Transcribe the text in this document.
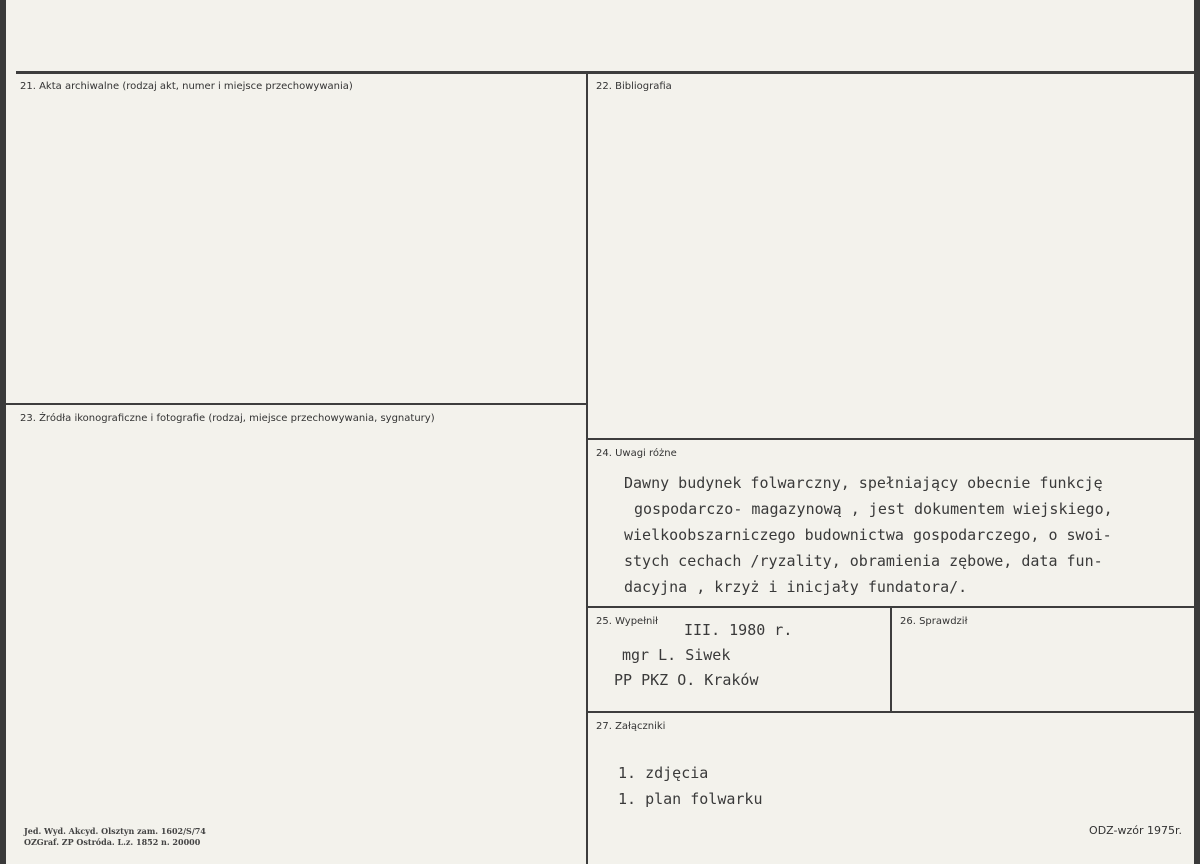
21. Akta archiwalne (rodzaj akt, numer i miejsce przechowywania)	22. Bibliografia
23. Źródła ikonograficzne i fotografie (rodzaj, miejsce przechowywania, sygnatury)
24. Uwagi różne
25. Wypełnił	26. Sprawdził
27. Załączniki
Dawny budynek folwarczny, spełniający obecnie funkcję
gospodarczo- magazynową , jest dokumentem wiejskiego,
wielkoobszarniczego budownictwa gospodarczego, o swoi-
stych cechach /ryzality, obramienia zębowe, data fun-
dacyjna , krzyż i inicjały fundatora/.
III. 1980 r.
mgr L. Siwek
PP PKZ O. Kraków
1. zdjęcia
1. plan folwarku
Jed. Wyd. Akcyd. Olsztyn zam. 1602/S/74
OZGraf. ZP Ostróda. L.z. 1852 n. 20000
ODZ-wzór 1975r.
